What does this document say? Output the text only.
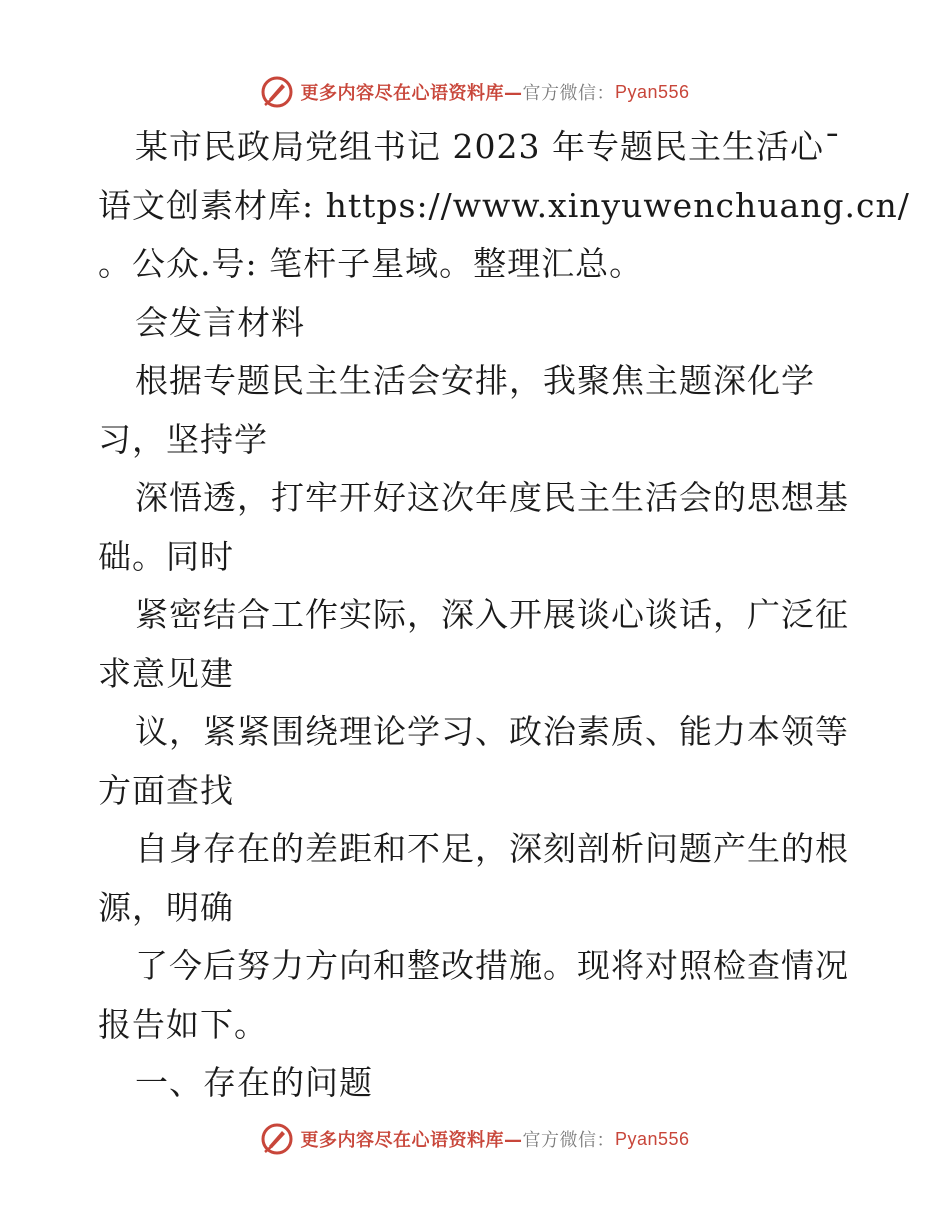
更多内容尽在心语资料库— 官方微信： Pyan556
某市民政局党组书记 2023 年专题民主生活心¯
语文创素材库: https://www.xinyuwenchuang.cn/
。公众.号: 笔杆子星域。整理汇总。
会发言材料
根据专题民主生活会安排，我聚焦主题深化学
习，坚持学
深悟透，打牢开好这次年度民主生活会的思想基
础。同时
紧密结合工作实际，深入开展谈心谈话，广泛征
求意见建
议，紧紧围绕理论学习、政治素质、能力本领等
方面查找
自身存在的差距和不足，深刻剖析问题产生的根
源，明确
了今后努力方向和整改措施。现将对照检查情况
报告如下。
一、存在的问题
更多内容尽在心语资料库— 官方微信： Pyan556
